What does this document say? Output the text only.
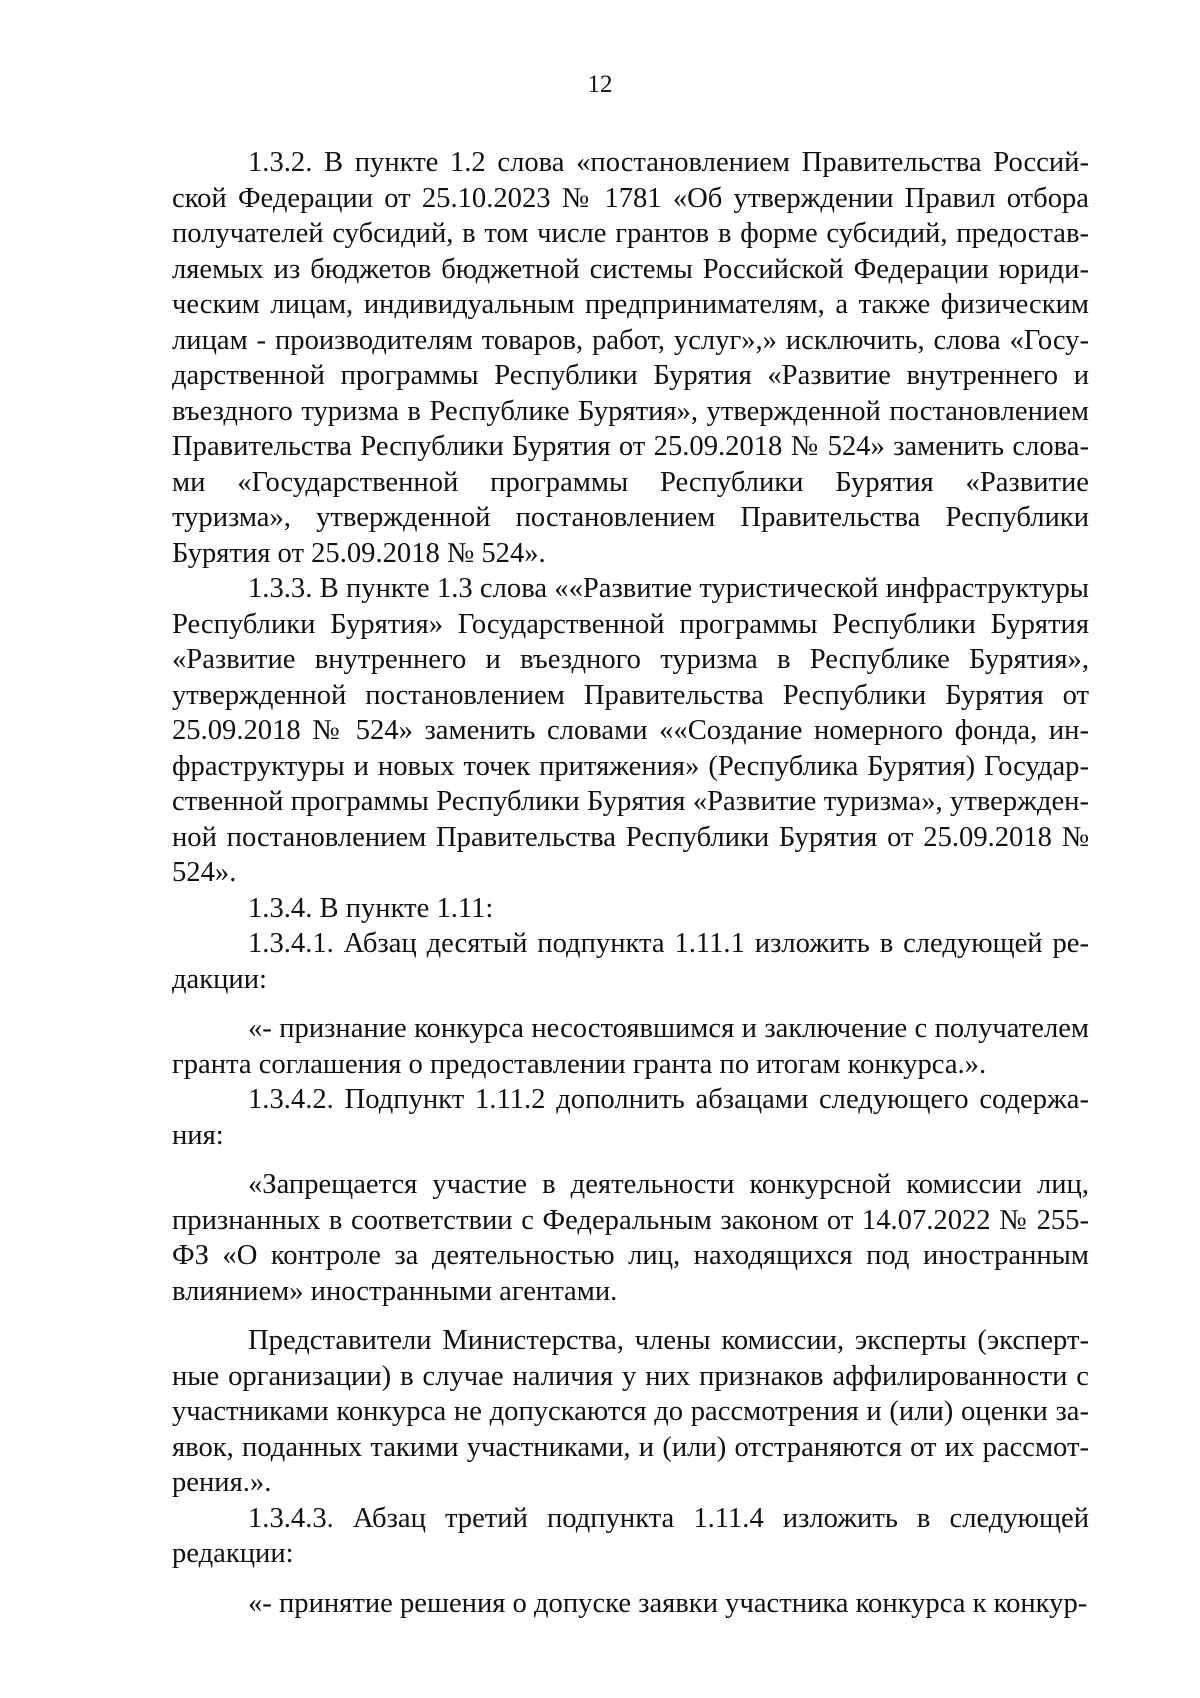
12

1.3.2. В пункте 1.2 слова «постановлением Правительства Российской Федерации от 25.10.2023 № 1781 «Об утверждении Правил отбора получателей субсидий, в том числе грантов в форме субсидий, предоставляемых из бюджетов бюджетной системы Российской Федерации юридическим лицам, индивидуальным предпринимателям, а также физическим лицам - производителям товаров, работ, услуг»,» исключить, слова «Государственной программы Республики Бурятия «Развитие внутреннего и въездного туризма в Республике Бурятия», утвержденной постановлением Правительства Республики Бурятия от 25.09.2018 № 524» заменить словами «Государственной программы Республики Бурятия «Развитие туризма», утвержденной постановлением Правительства Республики Бурятия от 25.09.2018 № 524».

1.3.3. В пункте 1.3 слова ««Развитие туристической инфраструктуры Республики Бурятия» Государственной программы Республики Бурятия «Развитие внутреннего и въездного туризма в Республике Бурятия», утвержденной постановлением Правительства Республики Бурятия от 25.09.2018 № 524» заменить словами ««Создание номерного фонда, инфраструктуры и новых точек притяжения» (Республика Бурятия) Государственной программы Республики Бурятия «Развитие туризма», утвержденной постановлением Правительства Республики Бурятия от 25.09.2018 № 524».

1.3.4. В пункте 1.11:

1.3.4.1. Абзац десятый подпункта 1.11.1 изложить в следующей редакции:

«- признание конкурса несостоявшимся и заключение с получателем гранта соглашения о предоставлении гранта по итогам конкурса.».

1.3.4.2. Подпункт 1.11.2 дополнить абзацами следующего содержания:

«Запрещается участие в деятельности конкурсной комиссии лиц, признанных в соответствии с Федеральным законом от 14.07.2022 № 255-ФЗ «О контроле за деятельностью лиц, находящихся под иностранным влиянием» иностранными агентами.

Представители Министерства, члены комиссии, эксперты (экспертные организации) в случае наличия у них признаков аффилированности с участниками конкурса не допускаются до рассмотрения и (или) оценки заявок, поданных такими участниками, и (или) отстраняются от их рассмотрения.».

1.3.4.3. Абзац третий подпункта 1.11.4 изложить в следующей редакции:

«- принятие решения о допуске заявки участника конкурса к конкур-
